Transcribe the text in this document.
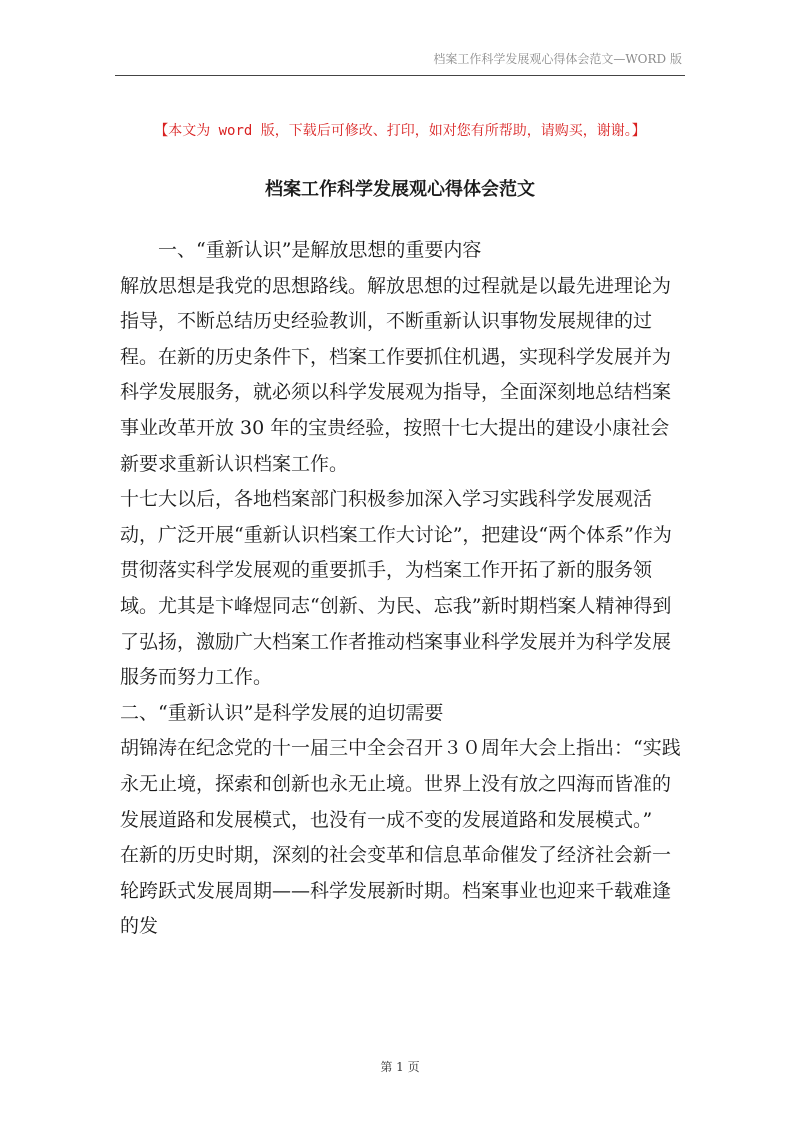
档案工作科学发展观心得体会范文—WORD 版
【本文为 word 版，下载后可修改、打印，如对您有所帮助，请购买，谢谢。】
档案工作科学发展观心得体会范文

一、“重新认识”是解放思想的重要内容

解放思想是我党的思想路线。解放思想的过程就是以最先进理论为指导，不断总结历史经验教训，不断重新认识事物发展规律的过程。在新的历史条件下，档案工作要抓住机遇，实现科学发展并为科学发展服务，就必须以科学发展观为指导，全面深刻地总结档案事业改革开放 30 年的宝贵经验，按照十七大提出的建设小康社会新要求重新认识档案工作。

十七大以后，各地档案部门积极参加深入学习实践科学发展观活动，广泛开展“重新认识档案工作大讨论”，把建设“两个体系”作为贯彻落实科学发展观的重要抓手，为档案工作开拓了新的服务领域。尤其是卞峰煜同志“创新、为民、忘我”新时期档案人精神得到了弘扬，激励广大档案工作者推动档案事业科学发展并为科学发展服务而努力工作。

二、“重新认识”是科学发展的迫切需要

胡锦涛在纪念党的十一届三中全会召开３０周年大会上指出：“实践永无止境，探索和创新也永无止境。世界上没有放之四海而皆准的发展道路和发展模式，也没有一成不变的发展道路和发展模式。”

在新的历史时期，深刻的社会变革和信息革命催发了经济社会新一轮跨跃式发展周期——科学发展新时期。档案事业也迎来千载难逢的发

第 1 页
